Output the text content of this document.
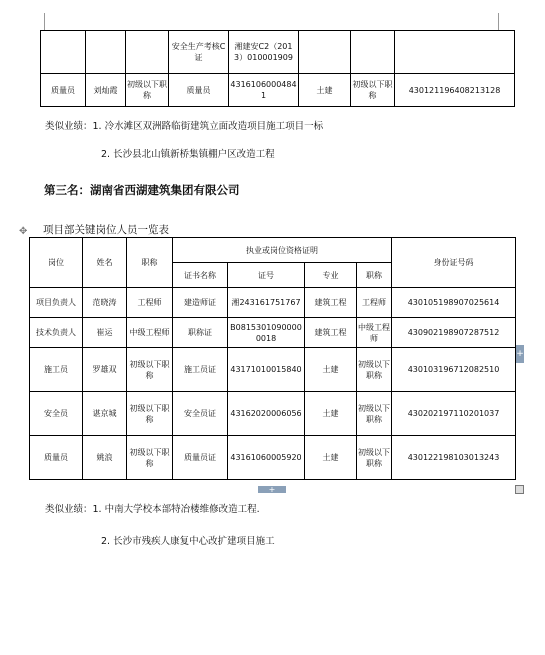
			安全生产考核C证	湘建安C2（2013）010001909			
质量员	刘灿霞	初级以下职称	质量员	43161060004841	土建	初级以下职称	430121196408213128
类似业绩：1. 冷水滩区双洲路临街建筑立面改造项目施工项目一标
2. 长沙县北山镇新桥集镇棚户区改造工程
第三名：湖南省西湖建筑集团有限公司
✥ 项目部关键岗位人员一览表
岗位	姓名	职称	执业或岗位资格证明				身份证号码
			证书名称	证号	专业	职称	
项目负责人	范晓涛	工程师	建造师证	湘243161751767	建筑工程	工程师	430105198907025614
技术负责人	崔运	中级工程师	职称证	B08153010900000018	建筑工程	中级工程师	430902198907287512
施工员	罗雄双	初级以下职称	施工员证	43171010015840	土建	初级以下职称	430103196712082510
安全员	谌京城	初级以下职称	安全员证	43162020006056	土建	初级以下职称	430202197110201037
质量员	姚浪	初级以下职称	质量员证	43161060005920	土建	初级以下职称	430122198103013243
+
+
类似业绩：1. 中南大学校本部特冶楼维修改造工程.
2. 长沙市残疾人康复中心改扩建项目施工
